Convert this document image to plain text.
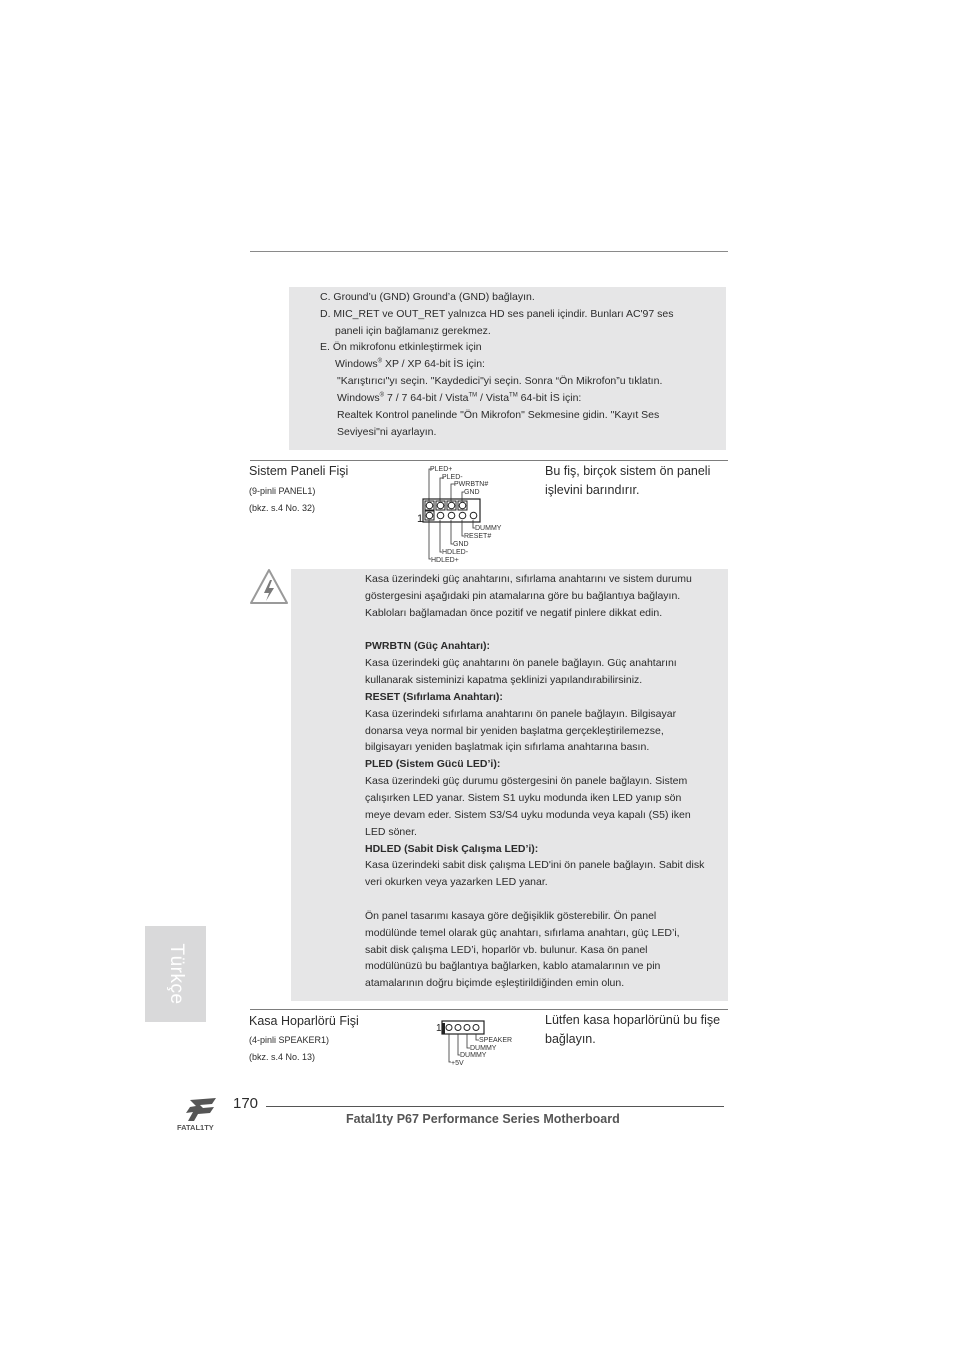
C. Ground’u (GND) Ground’a (GND) bağlayın.
D. MIC_RET ve OUT_RET yalnızca HD ses paneli içindir. Bunları AC'97 ses
paneli için bağlamanız gerekmez.
E. Ön mikrofonu etkinleştirmek için
Windows® XP / XP 64-bit İS için:
"Karıştırıcı"yı seçin. "Kaydedici"yi seçin. Sonra “Ön Mikrofon”u tıklatın.
Windows® 7 / 7 64-bit / Vista™ / Vista™ 64-bit İS için:
Realtek Kontrol panelinde "Ön Mikrofon" Sekmesine gidin. "Kayıt Ses
Seviyesi"ni ayarlayın.
Sistem Paneli Fişi
(9-pinli PANEL1)
(bkz. s.4 No. 32)
Bu fiş, birçok sistem ön paneli
işlevini barındırır.
1
PLED+
PLED-
PWRBTN#
GND
DUMMY
RESET#
GND
HDLED-
HDLED+
Kasa üzerindeki güç anahtarını, sıfırlama anahtarını ve sistem durumu
göstergesini aşağıdaki pin atamalarına göre bu bağlantıya bağlayın.
Kabloları bağlamadan önce pozitif ve negatif pinlere dikkat edin.
PWRBTN (Güç Anahtarı):
Kasa üzerindeki güç anahtarını ön panele bağlayın. Güç anahtarını
kullanarak sisteminizi kapatma şeklinizi yapılandırabilirsiniz.
RESET (Sıfırlama Anahtarı):
Kasa üzerindeki sıfırlama anahtarını ön panele bağlayın. Bilgisayar
donarsa veya normal bir yeniden başlatma gerçekleştirilemezse,
bilgisayarı yeniden başlatmak için sıfırlama anahtarına basın.
PLED (Sistem Gücü LED’i):
Kasa üzerindeki güç durumu göstergesini ön panele bağlayın. Sistem
çalışırken LED yanar. Sistem S1 uyku modunda iken LED yanıp sön
meye devam eder. Sistem S3/S4 uyku modunda veya kapalı (S5) iken
LED söner.
HDLED (Sabit Disk Çalışma LED’i):
Kasa üzerindeki sabit disk çalışma LED'ini ön panele bağlayın. Sabit disk
veri okurken veya yazarken LED yanar.
Ön panel tasarımı kasaya göre değişiklik gösterebilir. Ön panel
modülünde temel olarak güç anahtarı, sıfırlama anahtarı, güç LED’i,
sabit disk çalışma LED’i, hoparlör vb. bulunur. Kasa ön panel
modülünüzü bu bağlantıya bağlarken, kablo atamalarının ve pin
atamalarının doğru biçimde eşleştirildiğinden emin olun.
Kasa Hoparlörü Fişi
(4-pinli SPEAKER1)
(bkz. s.4 No. 13)
Lütfen kasa hoparlörünü bu fişe
bağlayın.
1
SPEAKER
DUMMY
DUMMY
+5V
Türkçe
FATAL1TY
170
Fatal1ty P67 Performance Series Motherboard
